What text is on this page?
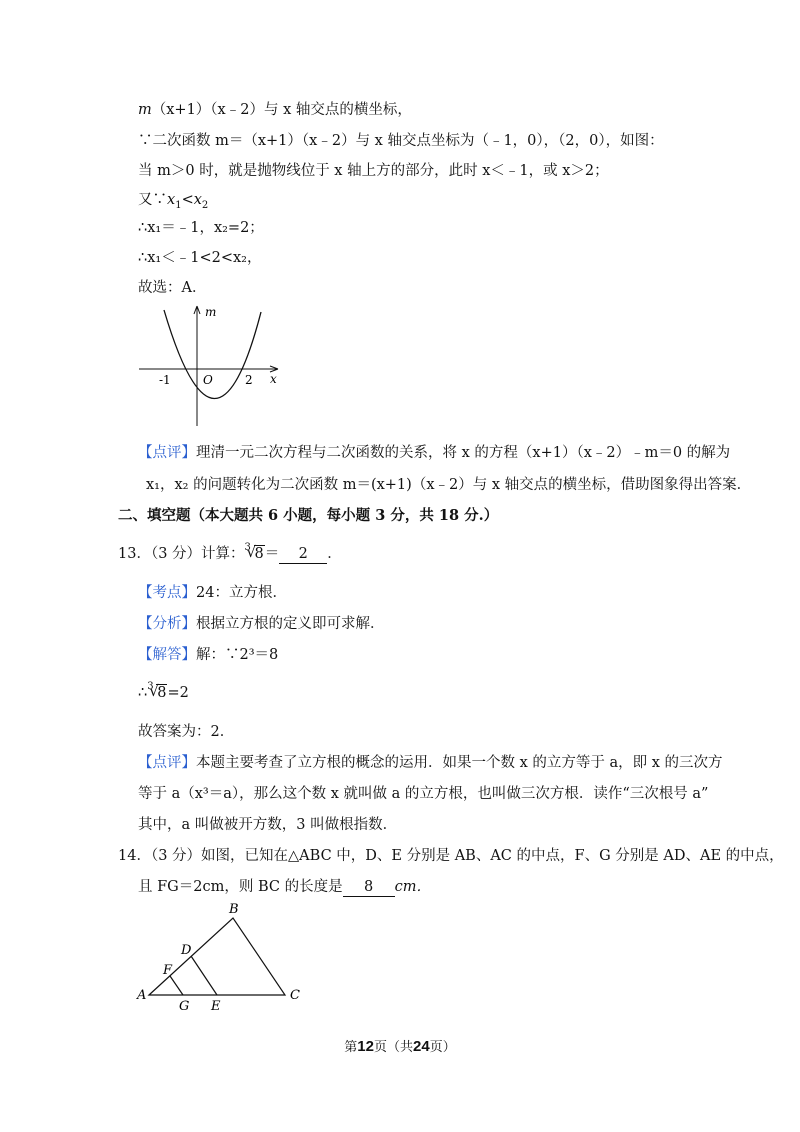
m（x+1）（x﹣2）与 x 轴交点的横坐标，
∵二次函数 m＝（x+1）（x﹣2）与 x 轴交点坐标为（﹣1，0），（2，0），如图：
当 m＞0 时，就是抛物线位于 x 轴上方的部分，此时 x＜﹣1，或 x＞2；
又$\because x_1<x_2$
∴x₁＝﹣1，x₂=2；
∴x₁＜﹣1<2<x₂，
故选：A．
m
x
O
-1	2
【点评】理清一元二次方程与二次函数的关系，将 x 的方程（x+1）（x﹣2）﹣m＝0 的解为
x₁，x₂ 的问题转化为二次函数 m＝(x+1)（x﹣2）与 x 轴交点的横坐标，借助图象得出答案．
二、填空题（本大题共 6 小题，每小题 3 分，共 18 分.）
13．（3 分）计算： 3 √ 8＝ 2 ．
【考点】24：立方根．
【分析】根据立方根的定义即可求解．
【解答】解：∵2³＝8
∴ 3 √ 8=2
故答案为：2．
【点评】本题主要考查了立方根的概念的运用．如果一个数 x 的立方等于 a，即 x 的三次方
等于 a（x³＝a），那么这个数 x 就叫做 a 的立方根，也叫做三次方根．读作“三次根号 a”
其中，a 叫做被开方数，3 叫做根指数．
14．（3 分）如图，已知在△ABC 中，D、E 分别是 AB、AC 的中点，F、G 分别是 AD、AE 的中点，
且 FG＝2cm，则 BC 的长度是 8 cm．
A
B
C
D
E
F
G
第12页（共24页）
